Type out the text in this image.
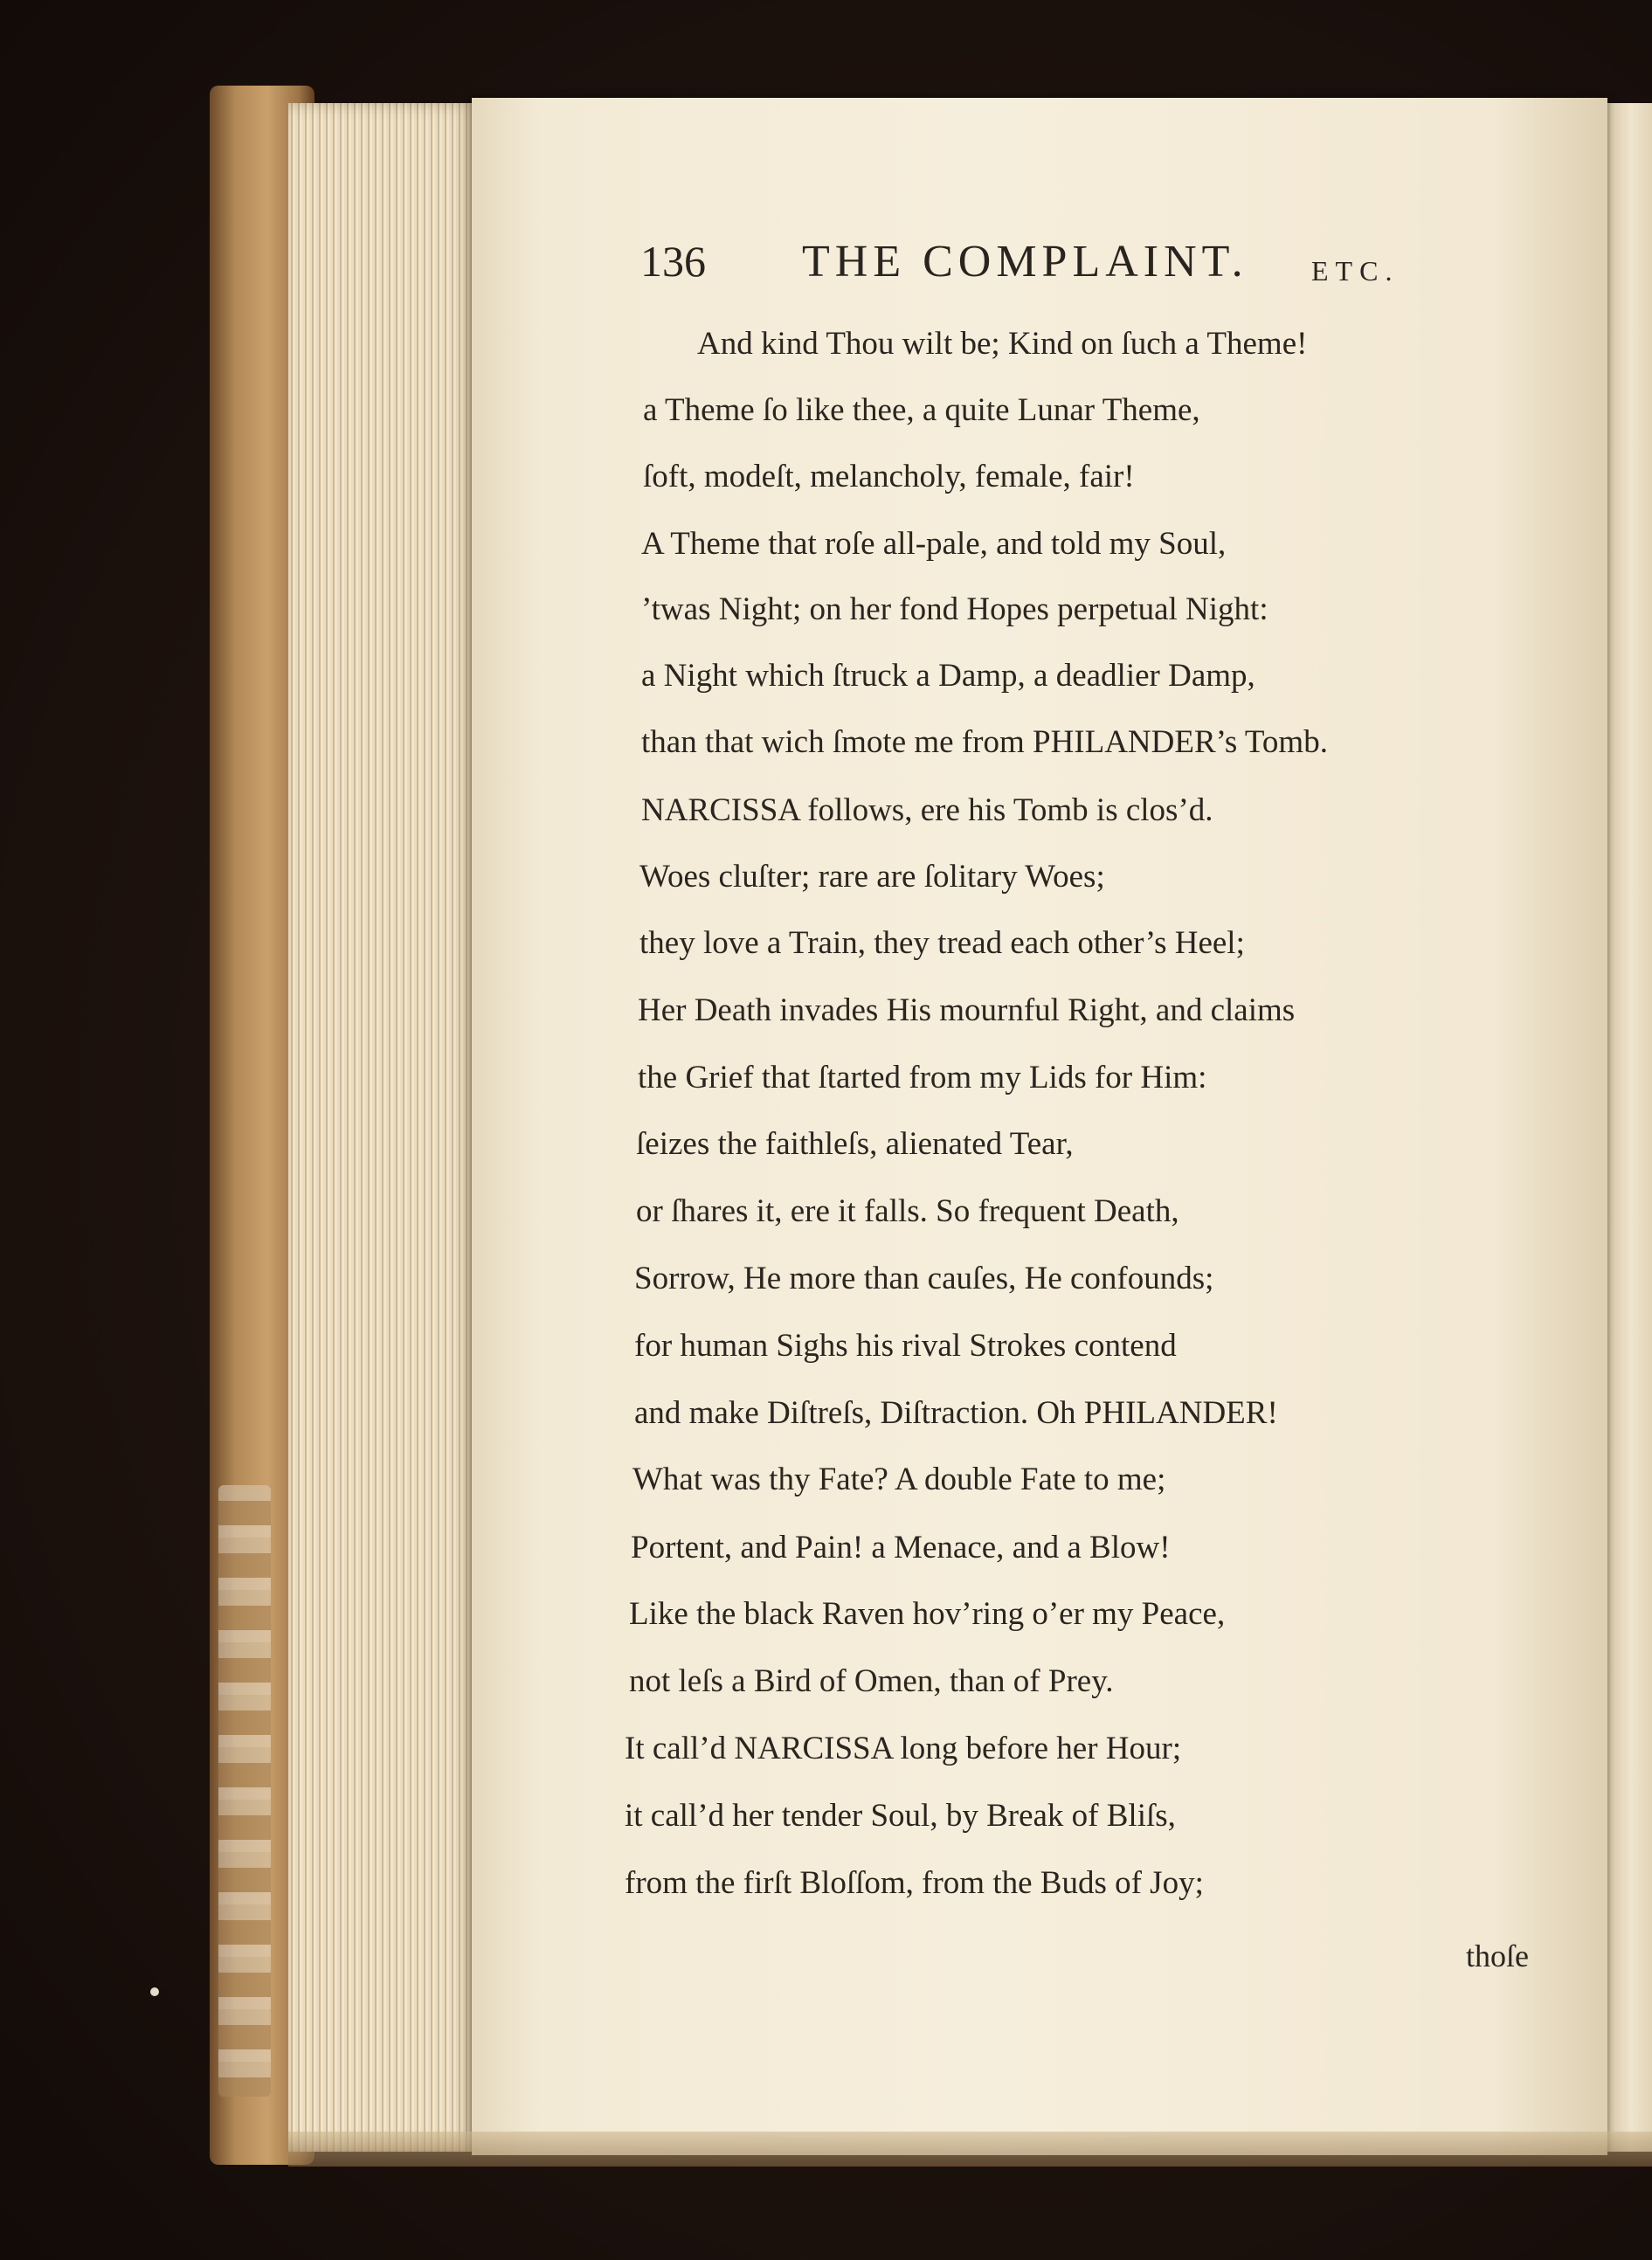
136 THE COMPLAINT. ETC.
And kind Thou wilt be; Kind on ſuch a Theme!
a Theme ſo like thee, a quite Lunar Theme,
ſoft, modeſt, melancholy, female, fair!
A Theme that roſe all-pale, and told my Soul,
’twas Night; on her fond Hopes perpetual Night:
a Night which ſtruck a Damp, a deadlier Damp,
than that wich ſmote me from PHILANDER’s Tomb.
NARCISSA follows, ere his Tomb is clos’d.
Woes cluſter; rare are ſolitary Woes;
they love a Train, they tread each other’s Heel;
Her Death invades His mournful Right, and claims
the Grief that ſtarted from my Lids for Him:
ſeizes the faithleſs, alienated Tear,
or ſhares it, ere it falls. So frequent Death,
Sorrow, He more than cauſes, He confounds;
for human Sighs his rival Strokes contend
and make Diſtreſs, Diſtraction. Oh PHILANDER!
What was thy Fate? A double Fate to me;
Portent, and Pain! a Menace, and a Blow!
Like the black Raven hov’ring o’er my Peace,
not leſs a Bird of Omen, than of Prey.
It call’d NARCISSA long before her Hour;
it call’d her tender Soul, by Break of Bliſs,
from the firſt Bloſſom, from the Buds of Joy;
thoſe
